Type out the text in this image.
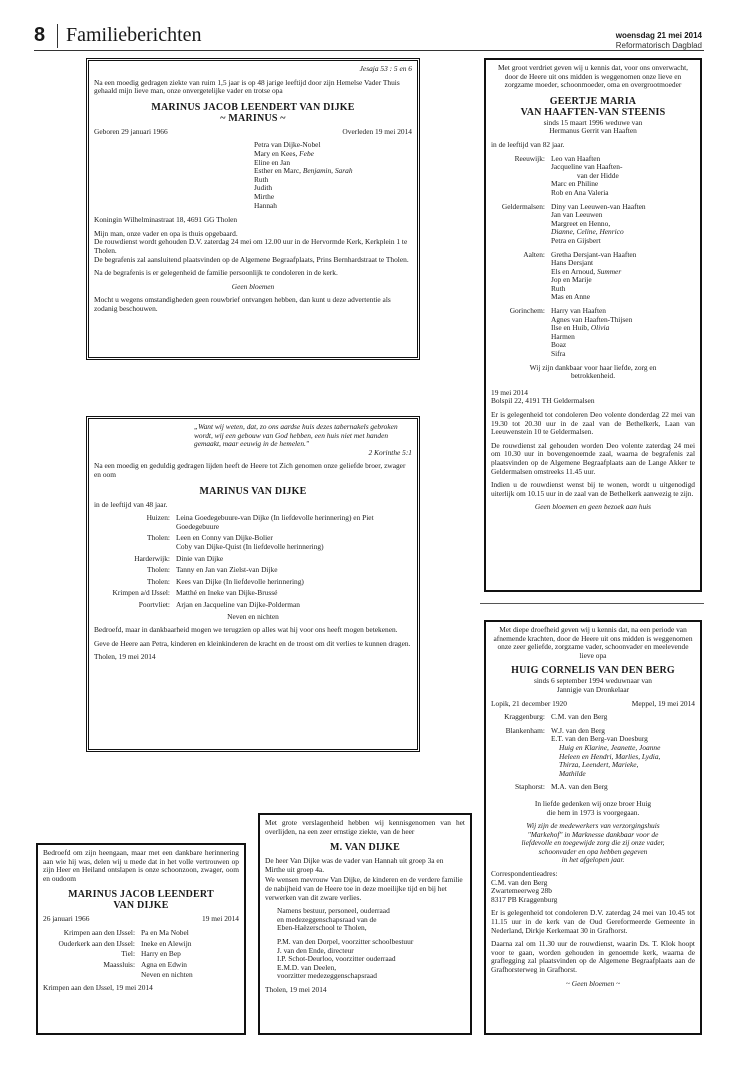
8 Familieberichten	woensdag 21 mei 2014
Reformatorisch Dagblad

Jesaja 53 : 5 en 6

Na een moedig gedragen ziekte van ruim 1,5 jaar is op 48 jarige leeftijd door zijn Hemelse Vader Thuis gehaald mijn lieve man, onze onvergetelijke vader en trotse opa

MARINUS JACOB LEENDERT VAN DIJKE
~ MARINUS ~
Geboren 29 januari 1966	Overleden 19 mei 2014
Petra van Dijke-Nobel
Mary en Kees, Febe
Eline en Jan
Esther en Marc, Benjamin, Sarah
Ruth
Judith
Mirthe
Hannah

Koningin Wilhelminastraat 18, 4691 GG Tholen

Mijn man, onze vader en opa is thuis opgebaard.

De rouwdienst wordt gehouden D.V. zaterdag 24 mei om 12.00 uur in de Hervormde Kerk, Kerkplein 1 te Tholen.

De begrafenis zal aansluitend plaatsvinden op de Algemene Begraafplaats, Prins Bernhardstraat te Tholen.

Na de begrafenis is er gelegenheid de familie persoonlijk te condoleren in de kerk.

Geen bloemen

Mocht u wegens omstandigheden geen rouwbrief ontvangen hebben, dan kunt u deze advertentie als zodanig beschouwen.

„Want wij weten, dat, zo ons aardse huis dezes tabernakels gebroken wordt, wij een gebouw van God hebben, een huis niet met handen gemaakt, maar eeuwig in de hemelen."

2 Korinthe 5:1

Na een moedig en geduldig gedragen lijden heeft de Heere tot Zich genomen onze geliefde broer, zwager en oom

MARINUS VAN DIJKE

in de leeftijd van 48 jaar.

Huizen: Leina Goedegebuure-van Dijke (In liefdevolle herinnering) en Piet Goedegebuure
Tholen: Leen en Conny van Dijke-Bolier
Coby van Dijke-Quist (In liefdevolle herinnering)
Harderwijk: Dinie van Dijke
Tholen: Tanny en Jan van Zielst-van Dijke
Tholen: Kees van Dijke (In liefdevolle herinnering)
Krimpen a/d IJssel: Matthé en Ineke van Dijke-Brussé
Poortvliet: Arjan en Jacqueline van Dijke-Polderman

Neven en nichten

Bedroefd, maar in dankbaarheid mogen we terugzien op alles wat hij voor ons heeft mogen betekenen.

Geve de Heere aan Petra, kinderen en kleinkinderen de kracht en de troost om dit verlies te kunnen dragen.

Tholen, 19 mei 2014

Bedroefd om zijn heengaan, maar met een dankbare herinnering aan wie hij was, delen wij u mede dat in het volle vertrouwen op zijn Heer en Heiland ontslapen is onze schoonzoon, zwager, oom en oudoom

MARINUS JACOB LEENDERT
VAN DIJKE
26 januari 1966	19 mei 2014
Krimpen aan den IJssel: Pa en Ma Nobel
Ouderkerk aan den IJssel: Ineke en Alewijn
Tiel: Harry en Bep
Maassluis: Agna en Edwin
Neven en nichten

Krimpen aan den IJssel, 19 mei 2014

Met grote verslagenheid hebben wij kennisgenomen van het overlijden, na een zeer ernstige ziekte, van de heer

M. VAN DIJKE

De heer Van Dijke was de vader van Hannah uit groep 3a en Mirthe uit groep 4a.

We wensen mevrouw Van Dijke, de kinderen en de verdere familie de nabijheid van de Heere toe in deze moeilijke tijd en bij het verwerken van dit zware verlies.

Namens bestuur, personeel, ouderraad
en medezeggenschapsraad van de
Eben-Haëzerschool te Tholen,

P.M. van den Dorpel, voorzitter schoolbestuur
J. van den Ende, directeur
I.P. Schot-Deurloo, voorzitter ouderraad
E.M.D. van Deelen,
voorzitter medezeggenschapsraad

Tholen, 19 mei 2014

Met groot verdriet geven wij u kennis dat, voor ons onverwacht, door de Heere uit ons midden is weggenomen onze lieve en zorgzame moeder, schoonmoeder, oma en overgrootmoeder

GEERTJE MARIA
VAN HAAFTEN-VAN STEENIS

sinds 15 maart 1996 weduwe van
Hermanus Gerrit van Haaften

in de leeftijd van 82 jaar.

Reeuwijk: Leo van Haaften
Jacqueline van Haaften-
van der Hidde
Marc en Philine
Rob en Ana Valeria
Geldermalsen: Diny van Leeuwen-van Haaften
Jan van Leeuwen
Margreet en Henno,
Dianne, Celine, Henrico
Petra en Gijsbert
Aalten: Gretha Dersjant-van Haaften
Hans Dersjant
Els en Arnoud, Summer
Jop en Marije
Ruth
Mas en Anne
Gorinchem: Harry van Haaften
Agnes van Haaften-Thijsen
Ilse en Huib, Olivia
Harmen
Boaz
Sifra

Wij zijn dankbaar voor haar liefde, zorg en betrokkenheid.

19 mei 2014

Bolspil 22, 4191 TH Geldermalsen

Er is gelegenheid tot condoleren Deo volente donderdag 22 mei van 19.30 tot 20.30 uur in de zaal van de Bethelkerk, Laan van Leeuwenstein 10 te Geldermalsen.

De rouwdienst zal gehouden worden Deo volente zaterdag 24 mei om 10.30 uur in bovengenoemde zaal, waarna de begrafenis zal plaatsvinden op de Algemene Begraafplaats aan de Lange Akker te Geldermalsen omstreeks 11.45 uur.

Indien u de rouwdienst wenst bij te wonen, wordt u uitgenodigd uiterlijk om 10.15 uur in de zaal van de Bethelkerk aanwezig te zijn.

Geen bloemen en geen bezoek aan huis

Met diepe droefheid geven wij u kennis dat, na een periode van afnemende krachten, door de Heere uit ons midden is weggenomen onze zeer geliefde, zorgzame vader, schoonvader en meelevende lieve opa

HUIG CORNELIS VAN DEN BERG

sinds 6 september 1994 weduwnaar van
Jannigje van Dronkelaar

Lopik, 21 december 1920	Meppel, 19 mei 2014
Kraggenburg: C.M. van den Berg
Blankenham: W.J. van den Berg
E.T. van den Berg-van Doesburg
Huig en Klarine, Jeanette, Joanne
Heleen en Hendri, Marlies, Lydia,
Thirza, Leendert, Marieke,
Mathilde
Staphorst: M.A. van den Berg

In liefde gedenken wij onze broer Huig
die hem in 1973 is voorgegaan.

Wij zijn de medewerkers van verzorgingshuis
"Markehof" in Marknesse dankbaar voor de
liefdevolle en toegewijde zorg die zij onze vader,
schoonvader en opa hebben gegeven
in het afgelopen jaar.

Correspondentieadres:
C.M. van den Berg
Zwartemeerweg 28b
8317 PB Kraggenburg

Er is gelegenheid tot condoleren D.V. zaterdag 24 mei van 10.45 tot 11.15 uur in de kerk van de Oud Gereformeerde Gemeente in Nederland, Dirkje Kerkemaat 30 in Grafhorst.

Daarna zal om 11.30 uur de rouwdienst, waarin Ds. T. Klok hoopt voor te gaan, worden gehouden in genoemde kerk, waarna de graflegging zal plaatsvinden op de Algemene Begraafplaats aan de Grafhorsterweg in Grafhorst.

~ Geen bloemen ~
